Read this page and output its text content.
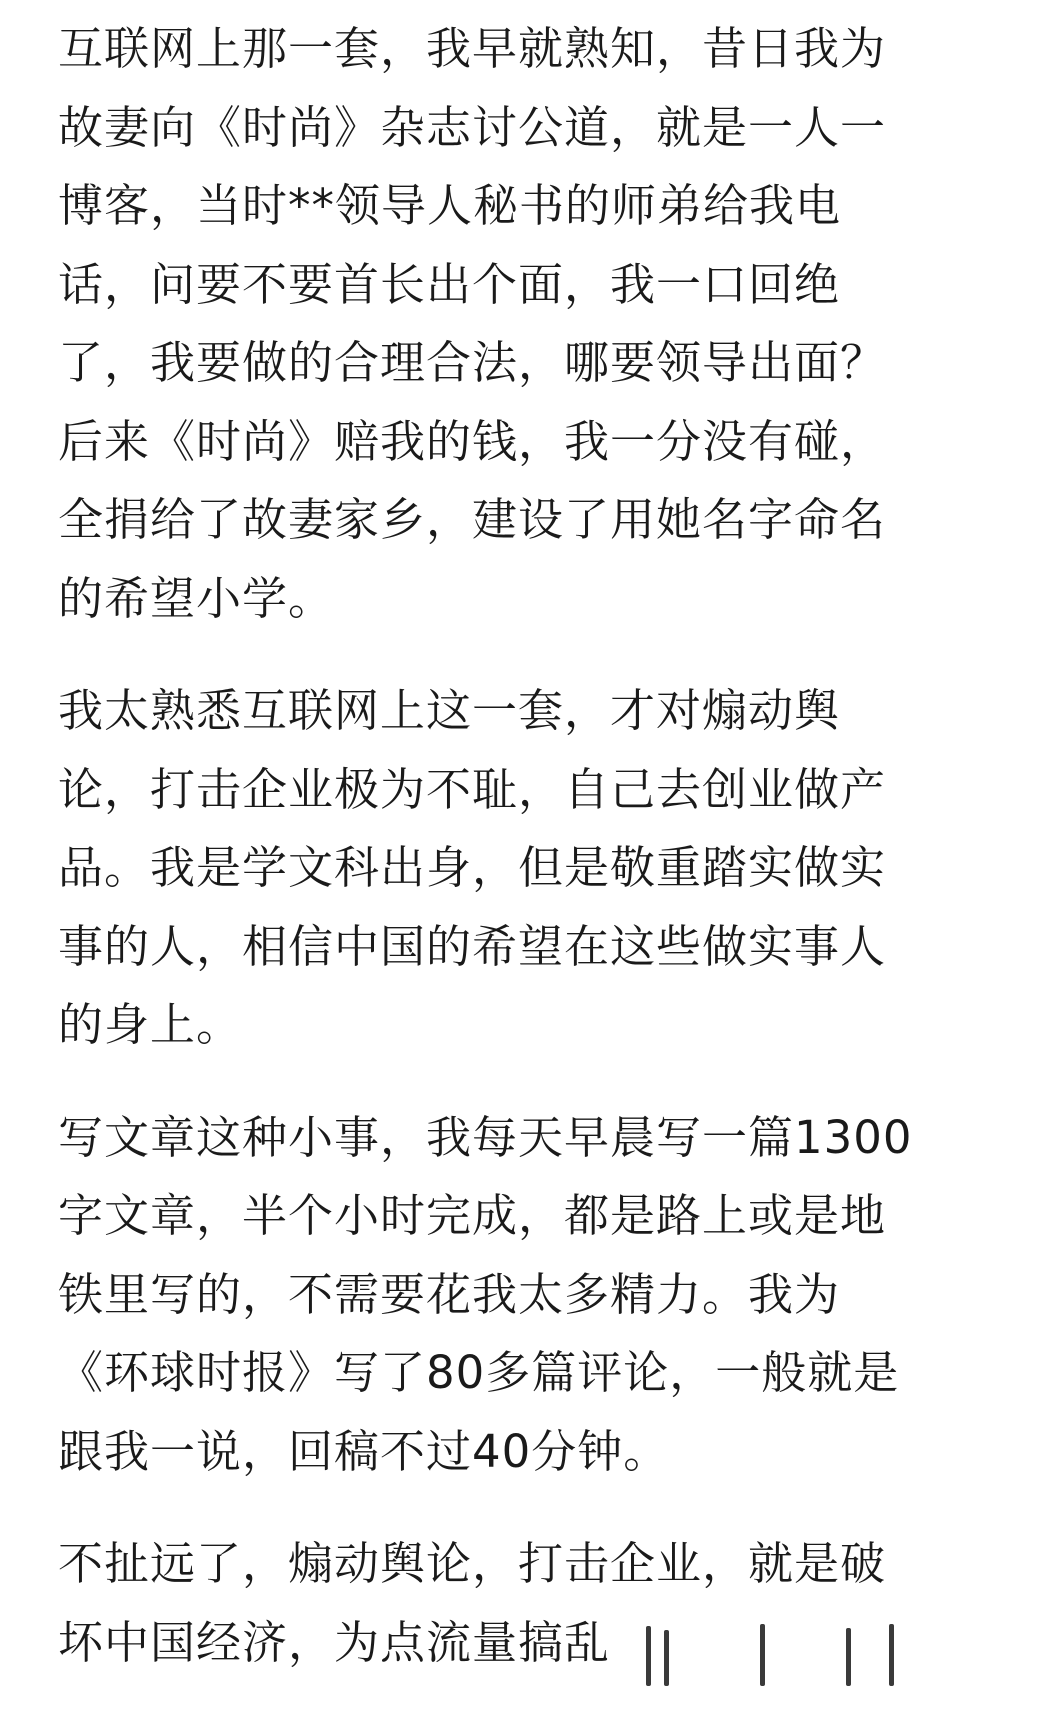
互联网上那一套，我早就熟知，昔日我为
故妻向《时尚》杂志讨公道，就是一人一
博客，当时**领导人秘书的师弟给我电
话，问要不要首长出个面，我一口回绝
了，我要做的合理合法，哪要领导出面？
后来《时尚》赔我的钱，我一分没有碰，
全捐给了故妻家乡，建设了用她名字命名
的希望小学。
我太熟悉互联网上这一套，才对煽动舆
论，打击企业极为不耻，自己去创业做产
品。我是学文科出身，但是敬重踏实做实
事的人，相信中国的希望在这些做实事人
的身上。
写文章这种小事，我每天早晨写一篇1300
字文章，半个小时完成，都是路上或是地
铁里写的，不需要花我太多精力。我为
《环球时报》写了80多篇评论，一般就是
跟我一说，回稿不过40分钟。
不扯远了，煽动舆论，打击企业，就是破
坏中国经济，为点流量搞乱
